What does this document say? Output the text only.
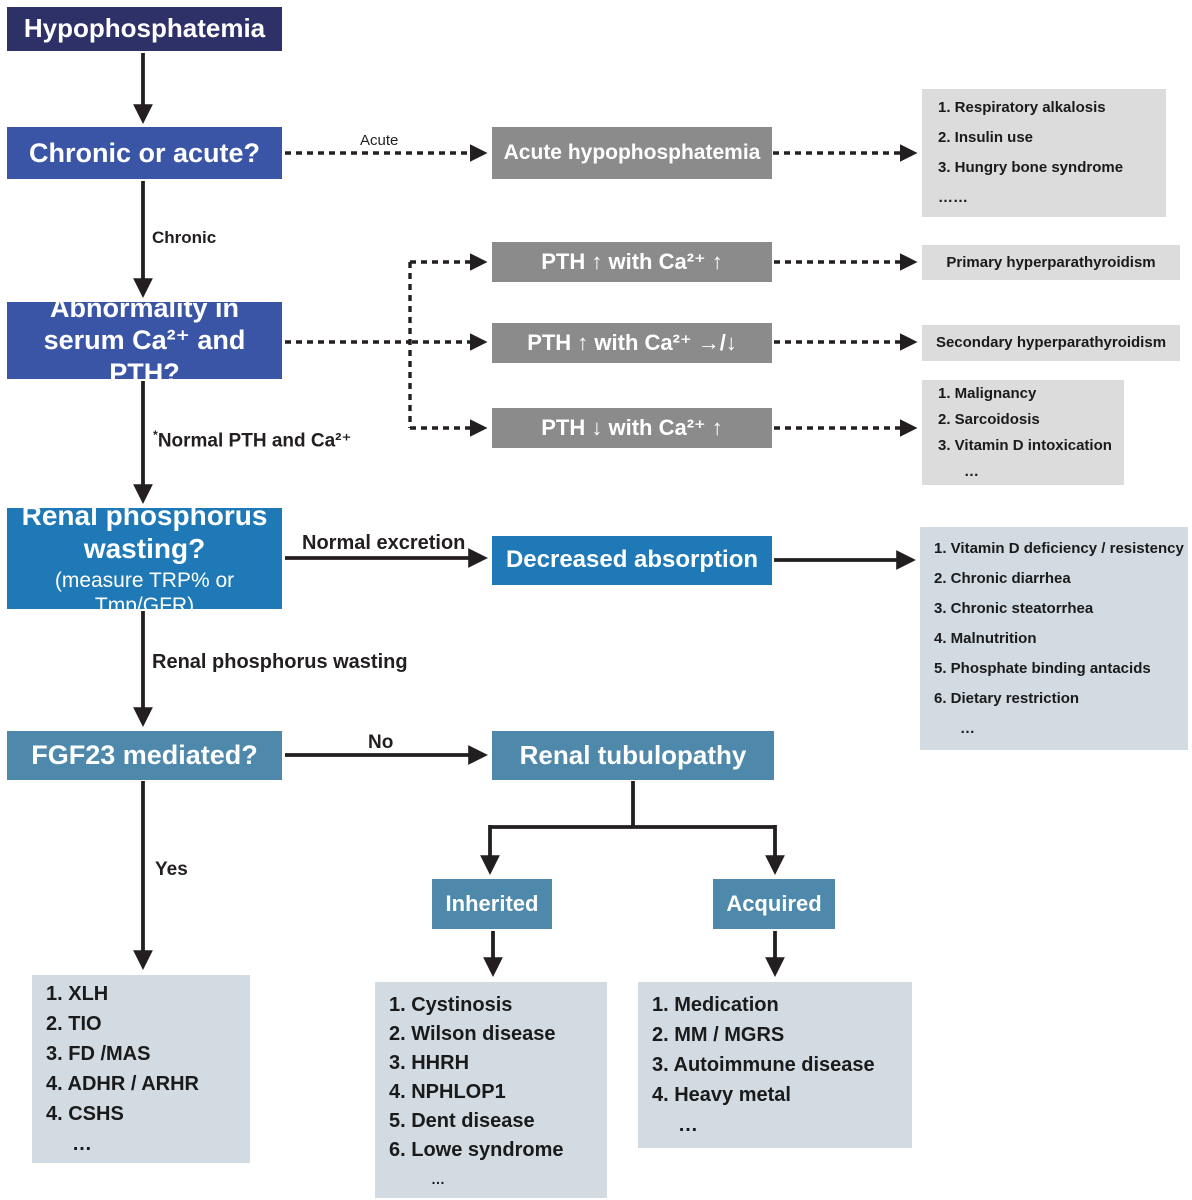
Hypophosphatemia
Chronic or acute?	Acute hypophosphatemia
1. Respiratory alkalosis
2. Insulin use
3. Hungry bone syndrome
……
Abnormality in
serum Ca²⁺ and PTH?
PTH ↑ with Ca²⁺ ↑
PTH ↑ with Ca²⁺ →/↓
PTH ↓ with Ca²⁺ ↑
Primary hyperparathyroidism
Secondary hyperparathyroidism
1. Malignancy
2. Sarcoidosis
3. Vitamin D intoxication
…
Renal phosphorus
wasting?
(measure TRP% or Tmp/GFR)
Decreased absorption	1. Vitamin D deficiency / resistency
2. Chronic diarrhea
3. Chronic steatorrhea
4. Malnutrition
5. Phosphate binding antacids
6. Dietary restriction
…
FGF23 mediated?	Renal tubulopathy
Inherited	Acquired
1. XLH
2. TIO
3. FD /MAS
4. ADHR / ARHR
4. CSHS
…
1. Cystinosis
2. Wilson disease
3. HHRH
4. NPHLOP1
5. Dent disease
6. Lowe syndrome
…
1. Medication
2. MM / MGRS
3. Autoimmune disease
4. Heavy metal
…
Acute
Chronic
*Normal PTH and Ca²⁺
Normal excretion
Renal phosphorus wasting
No
Yes
